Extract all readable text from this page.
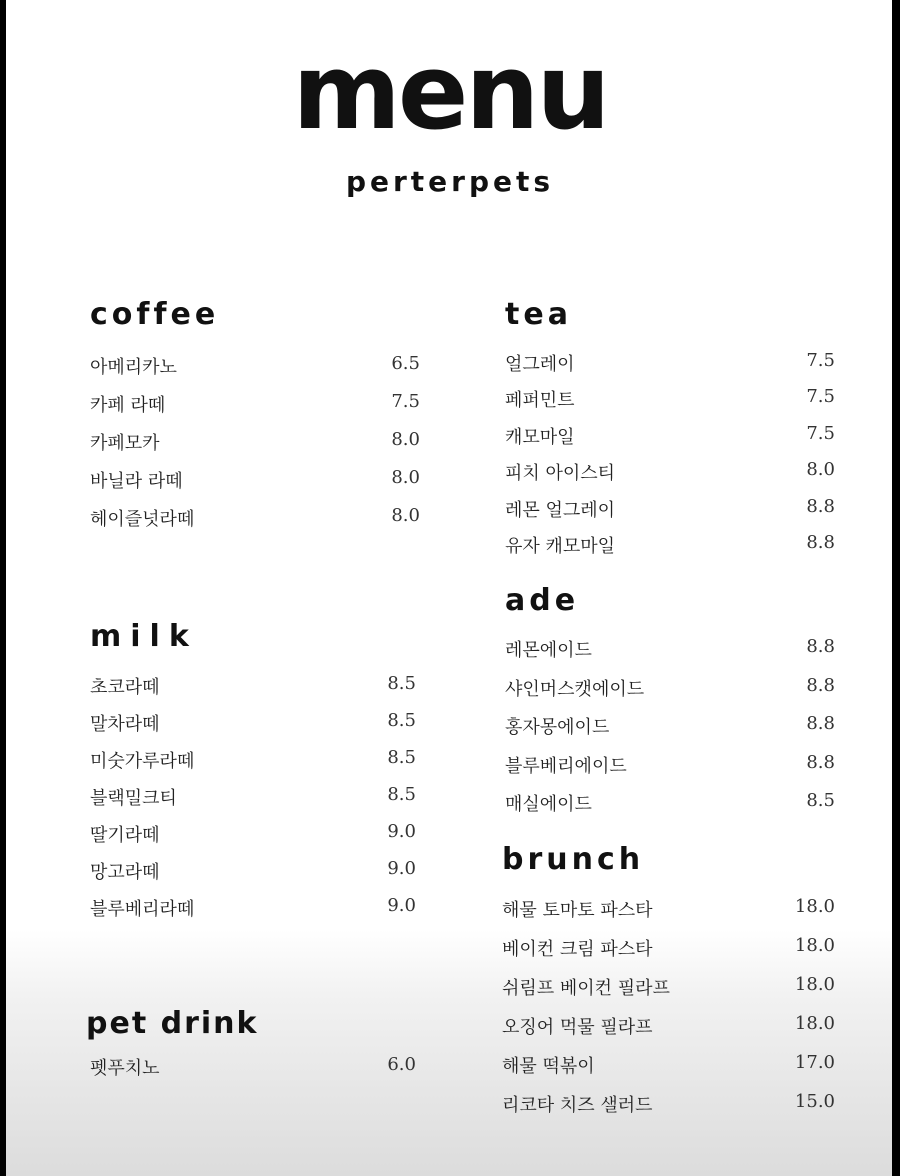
menu
perterpets
coffee
아메리카노	6.5
카페 라떼	7.5
카페모카	8.0
바닐라 라떼	8.0
헤이즐넛라떼	8.0
milk
초코라떼	8.5
말차라떼	8.5
미숫가루라떼	8.5
블랙밀크티	8.5
딸기라떼	9.0
망고라떼	9.0
블루베리라떼	9.0
pet drink
펫푸치노	6.0
tea
얼그레이	7.5
페퍼민트	7.5
캐모마일	7.5
피치 아이스티	8.0
레몬 얼그레이	8.8
유자 캐모마일	8.8
ade
레몬에이드	8.8
샤인머스캣에이드	8.8
홍자몽에이드	8.8
블루베리에이드	8.8
매실에이드	8.5
brunch
해물 토마토 파스타	18.0
베이컨 크림 파스타	18.0
쉬림프 베이컨 필라프	18.0
오징어 먹물 필라프	18.0
해물 떡볶이	17.0
리코타 치즈 샐러드	15.0
